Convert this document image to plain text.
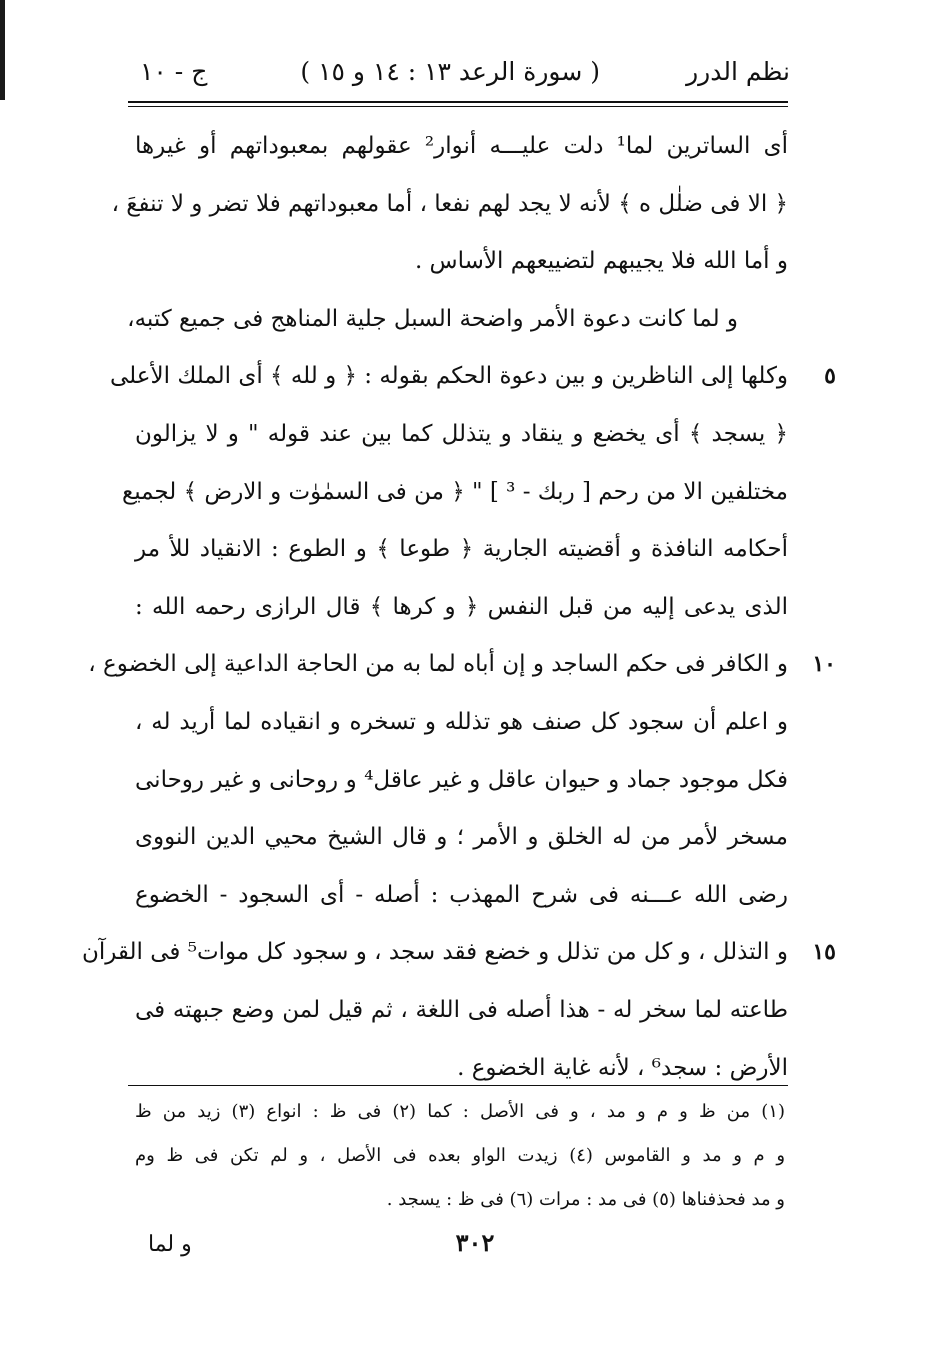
نظم الدرر
( سورة الرعد ١٣ : ١٤ و ١٥ )
ج - ١٠
أى الساترين لما¹ دلت عليـــه أنوار² عقولهم بمعبوداتهم أو غيرها
﴿ الا فى ضلٰل ه ﴾ لأنه لا يجد لهم نفعا ، أما معبوداتهم فلا تضر و لا تنفعَ ،
و أما الله فلا يجيبهم لتضييعهم الأساس .
و لما كانت دعوة الأمر واضحة السبل جلية المناهج فى جميع كتبه،
٥
وكلها إلى الناظرين و بين دعوة الحكم بقوله : ﴿ و لله ﴾ أى الملك الأعلى
﴿ يسجد ﴾ أى يخضع و ينقاد و يتذلل كما بين عند قوله " و لا يزالون
مختلفين الا من رحم [ ربك - ³ ] " ﴿ من فى السمٰوٰت و الارض ﴾ لجميع
أحكامه النافذة و أقضيته الجارية ﴿ طوعا ﴾ و الطوع : الانقياد للأ مر
الذى يدعى إليه من قبل النفس ﴿ و كرها ﴾ قال الرازى رحمه الله :
١٠
و الكافر فى حكم الساجد و إن أباه لما به من الحاجة الداعية إلى الخضوع ،
و اعلم أن سجود كل صنف هو تذلله و تسخره و انقياده لما أريد له ،
فكل موجود جماد و حيوان عاقل و غير عاقل⁴ و روحانى و غير روحانى
مسخر لأمر من له الخلق و الأمر ؛ و قال الشيخ محيي الدين النووى
رضى الله عـــنه فى شرح المهذب : أصله - أى السجود - الخضوع
١٥
و التذلل ، و كل من تذلل و خضع فقد سجد ، و سجود كل موات⁵ فى القرآن
طاعته لما سخر له - هذا أصله فى اللغة ، ثم قيل لمن وضع جبهته فى
الأرض : سجد⁶ ، لأنه غاية الخضوع .
(١) من ظ و م و مد ، و فى الأصل : كما (٢) فى ظ : انواع (٣) زيد من ظ
و م و مد و القاموس (٤) زيدت الواو بعده فى الأصل ، و لم تكن فى ظ وم
و مد فحذفناها (٥) فى مد : مرات (٦) فى ظ : يسجد .
٣٠٢
و لما
